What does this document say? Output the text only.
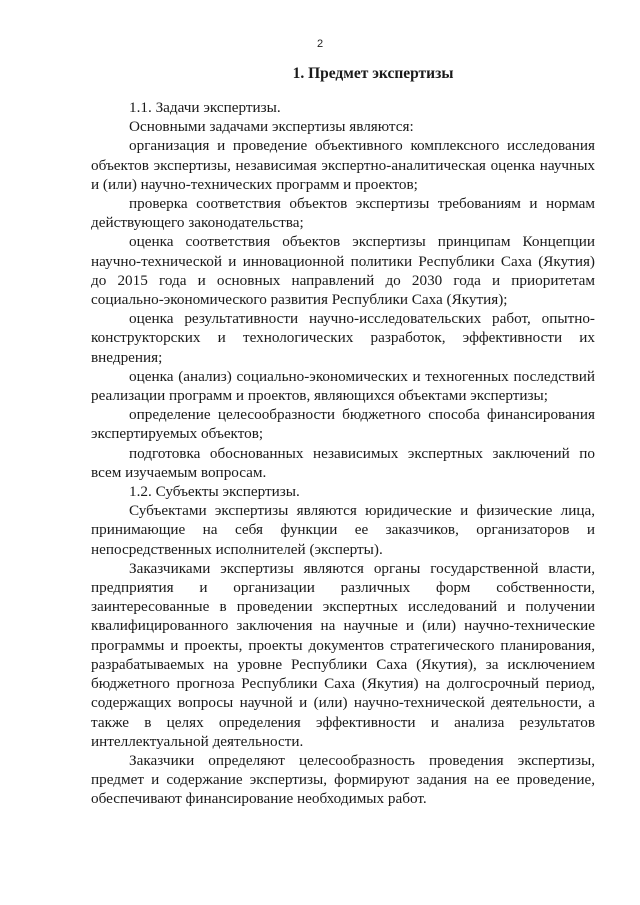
2
1. Предмет экспертизы

1.1. Задачи экспертизы.

Основными задачами экспертизы являются:

организация и проведение объективного комплексного исследования объектов экспертизы, независимая экспертно-аналитическая оценка научных и (или) научно-технических программ и проектов;

проверка соответствия объектов экспертизы требованиям и нормам действующего законодательства;

оценка соответствия объектов экспертизы принципам Концепции научно-технической и инновационной политики Республики Саха (Якутия) до 2015 года и основных направлений до 2030 года и приоритетам социально-экономического развития Республики Саха (Якутия);

оценка результативности научно-исследовательских работ, опытно-конструкторских и технологических разработок, эффективности их внедрения;

оценка (анализ) социально-экономических и техногенных последствий реализации программ и проектов, являющихся объектами экспертизы;

определение целесообразности бюджетного способа финансирования экспертируемых объектов;

подготовка обоснованных независимых экспертных заключений по всем изучаемым вопросам.

1.2. Субъекты экспертизы.

Субъектами экспертизы являются юридические и физические лица, принимающие на себя функции ее заказчиков, организаторов и непосредственных исполнителей (эксперты).

Заказчиками экспертизы являются органы государственной власти, предприятия и организации различных форм собственности, заинтересованные в проведении экспертных исследований и получении квалифицированного заключения на научные и (или) научно-технические программы и проекты, проекты документов стратегического планирования, разрабатываемых на уровне Республики Саха (Якутия), за исключением бюджетного прогноза Республики Саха (Якутия) на долгосрочный период, содержащих вопросы научной и (или) научно-технической деятельности, а также в целях определения эффективности и анализа результатов интеллектуальной деятельности.

Заказчики определяют целесообразность проведения экспертизы, предмет и содержание экспертизы, формируют задания на ее проведение, обеспечивают финансирование необходимых работ.
